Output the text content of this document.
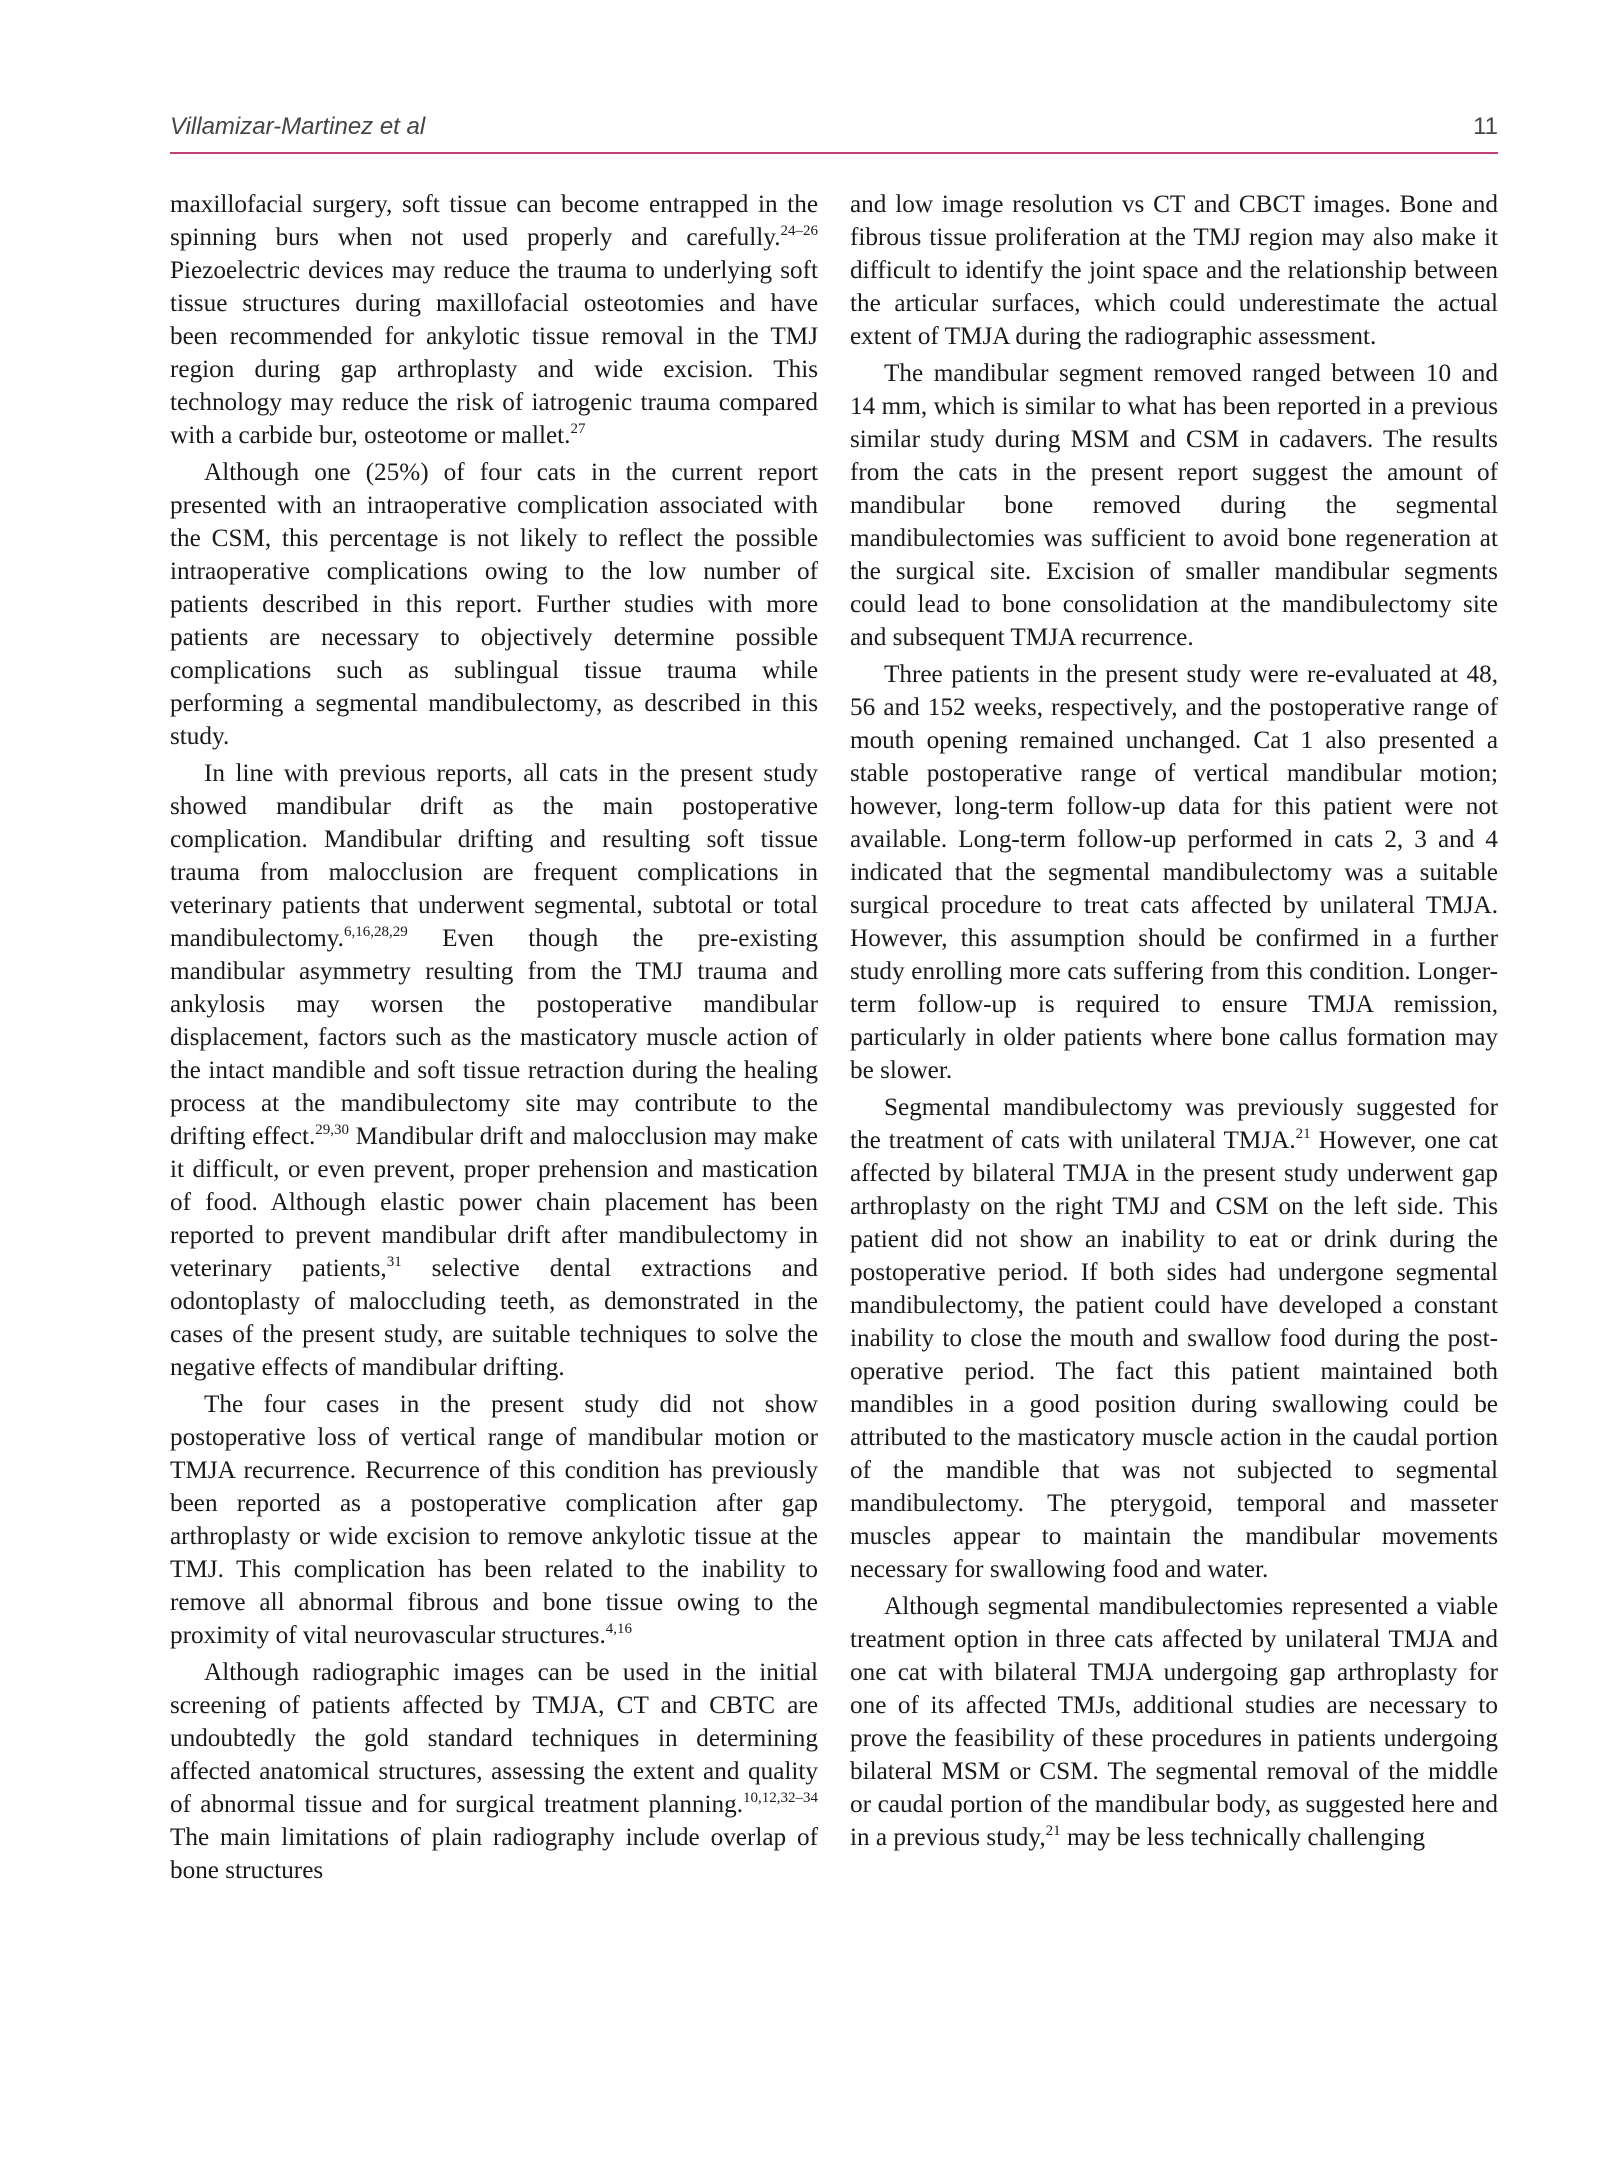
Villamizar-Martinez et al	11

maxillofacial surgery, soft tissue can become entrapped in the spinning burs when not used properly and carefully.$^{24-26}$ Piezoelectric devices may reduce the trauma to underlying soft tissue structures during maxillofacial osteotomies and have been recommended for ankylotic tissue removal in the TMJ region during gap arthroplasty and wide excision. This technology may reduce the risk of iatrogenic trauma compared with a carbide bur, osteotome or mallet.$^{27}$

Although one (25%) of four cats in the current report presented with an intraoperative complication associated with the CSM, this percentage is not likely to reflect the possible intraoperative complications owing to the low number of patients described in this report. Further studies with more patients are necessary to objectively determine possible complications such as sublingual tissue trauma while performing a segmental mandibulectomy, as described in this study.

In line with previous reports, all cats in the present study showed mandibular drift as the main postoperative complication. Mandibular drifting and resulting soft tissue trauma from malocclusion are frequent complications in veterinary patients that underwent segmental, subtotal or total mandibulectomy.$^{6,16,28,29}$ Even though the pre-existing mandibular asymmetry resulting from the TMJ trauma and ankylosis may worsen the postoperative mandibular displacement, factors such as the masticatory muscle action of the intact mandible and soft tissue retraction during the healing process at the mandibulectomy site may contribute to the drifting effect.$^{29,30}$ Mandibular drift and malocclusion may make it difficult, or even prevent, proper prehension and mastication of food. Although elastic power chain placement has been reported to prevent mandibular drift after mandibulectomy in veterinary patients,$^{31}$ selective dental extractions and odontoplasty of maloccluding teeth, as demonstrated in the cases of the present study, are suitable techniques to solve the negative effects of mandibular drifting.

The four cases in the present study did not show postoperative loss of vertical range of mandibular motion or TMJA recurrence. Recurrence of this condition has previously been reported as a postoperative complication after gap arthroplasty or wide excision to remove ankylotic tissue at the TMJ. This complication has been related to the inability to remove all abnormal fibrous and bone tissue owing to the proximity of vital neurovascular structures.$^{4,16}$

Although radiographic images can be used in the initial screening of patients affected by TMJA, CT and CBTC are undoubtedly the gold standard techniques in determining affected anatomical structures, assessing the extent and quality of abnormal tissue and for surgical treatment planning.$^{10,12,32-34}$ The main limitations of plain radiography include overlap of bone structures

and low image resolution vs CT and CBCT images. Bone and fibrous tissue proliferation at the TMJ region may also make it difficult to identify the joint space and the relationship between the articular surfaces, which could underestimate the actual extent of TMJA during the radiographic assessment.

The mandibular segment removed ranged between 10 and 14 mm, which is similar to what has been reported in a previous similar study during MSM and CSM in cadavers. The results from the cats in the present report suggest the amount of mandibular bone removed during the segmental mandibulectomies was sufficient to avoid bone regeneration at the surgical site. Excision of smaller mandibular segments could lead to bone consolidation at the mandibulectomy site and subsequent TMJA recurrence.

Three patients in the present study were re-evaluated at 48, 56 and 152 weeks, respectively, and the postoperative range of mouth opening remained unchanged. Cat 1 also presented a stable postoperative range of vertical mandibular motion; however, long-term follow-up data for this patient were not available. Long-term follow-up performed in cats 2, 3 and 4 indicated that the segmental mandibulectomy was a suitable surgical procedure to treat cats affected by unilateral TMJA. However, this assumption should be confirmed in a further study enrolling more cats suffering from this condition. Longer-term follow-up is required to ensure TMJA remission, particularly in older patients where bone callus formation may be slower.

Segmental mandibulectomy was previously suggested for the treatment of cats with unilateral TMJA.$^{21}$ However, one cat affected by bilateral TMJA in the present study underwent gap arthroplasty on the right TMJ and CSM on the left side. This patient did not show an inability to eat or drink during the postoperative period. If both sides had undergone segmental mandibulectomy, the patient could have developed a constant inability to close the mouth and swallow food during the postoperative period. The fact this patient maintained both mandibles in a good position during swallowing could be attributed to the masticatory muscle action in the caudal portion of the mandible that was not subjected to segmental mandibulectomy. The pterygoid, temporal and masseter muscles appear to maintain the mandibular movements necessary for swallowing food and water.

Although segmental mandibulectomies represented a viable treatment option in three cats affected by unilateral TMJA and one cat with bilateral TMJA undergoing gap arthroplasty for one of its affected TMJs, additional studies are necessary to prove the feasibility of these procedures in patients undergoing bilateral MSM or CSM. The segmental removal of the middle or caudal portion of the mandibular body, as suggested here and in a previous study,$^{21}$ may be less technically challenging
